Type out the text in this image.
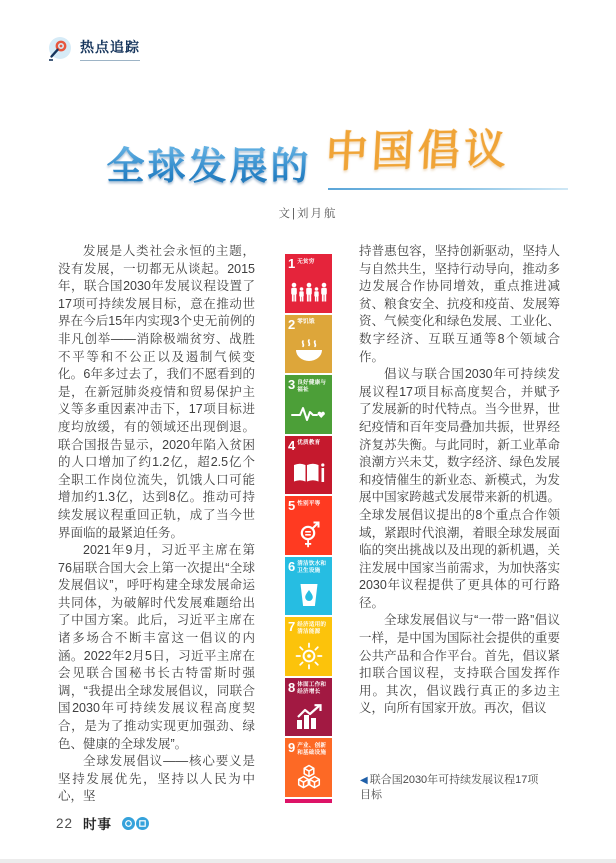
热点追踪
全球发展的 中国倡议
文|刘月航

发展是人类社会永恒的主题，没有发展，一切都无从谈起。2015年，联合国2030年发展议程设置了17项可持续发展目标，意在推动世界在今后15年内实现3个史无前例的非凡创举——消除极端贫穷、战胜不平等和不公正以及遏制气候变化。6年多过去了，我们不愿看到的是，在新冠肺炎疫情和贸易保护主义等多重因素冲击下，17项目标进度均放缓，有的领域还出现倒退。联合国报告显示，2020年陷入贫困的人口增加了约1.2亿，超2.5亿个全职工作岗位流失，饥饿人口可能增加约1.3亿，达到8亿。推动可持续发展议程重回正轨，成了当今世界面临的最紧迫任务。

2021年9月，习近平主席在第76届联合国大会上第一次提出“全球发展倡议”，呼吁构建全球发展命运共同体，为破解时代发展难题给出了中国方案。此后，习近平主席在诸多场合不断丰富这一倡议的内涵。2022年2月5日，习近平主席在会见联合国秘书长古特雷斯时强调，“我提出全球发展倡议，同联合国2030年可持续发展议程高度契合，是为了推动实现更加强劲、绿色、健康的全球发展”。

全球发展倡议——核心要义是坚持发展优先，坚持以人民为中心，坚

1 无贫穷
2 零饥饿
3 良好健康与福祉
4 优质教育
5 性别平等
6 清洁饮水和卫生设施
7 经济适用的清洁能源
8 体面工作和经济增长
9 产业、创新和基础设施

持普惠包容，坚持创新驱动，坚持人与自然共生，坚持行动导向，推动多边发展合作协同增效，重点推进减贫、粮食安全、抗疫和疫苗、发展筹资、气候变化和绿色发展、工业化、数字经济、互联互通等8个领域合作。

倡议与联合国2030年可持续发展议程17项目标高度契合，并赋予了发展新的时代特点。当今世界，世纪疫情和百年变局叠加共振，世界经济复苏失衡。与此同时，新工业革命浪潮方兴未艾，数字经济、绿色发展和疫情催生的新业态、新模式，为发展中国家跨越式发展带来新的机遇。全球发展倡议提出的8个重点合作领域，紧跟时代浪潮，着眼全球发展面临的突出挑战以及出现的新机遇，关注发展中国家当前需求，为加快落实2030年议程提供了更具体的可行路径。

全球发展倡议与“一带一路”倡议一样，是中国为国际社会提供的重要公共产品和合作平台。首先，倡议紧扣联合国议程，支持联合国发挥作用。其次，倡议践行真正的多边主义，向所有国家开放。再次，倡议

◀ 联合国2030年可持续发展议程17项目标
22 时事
